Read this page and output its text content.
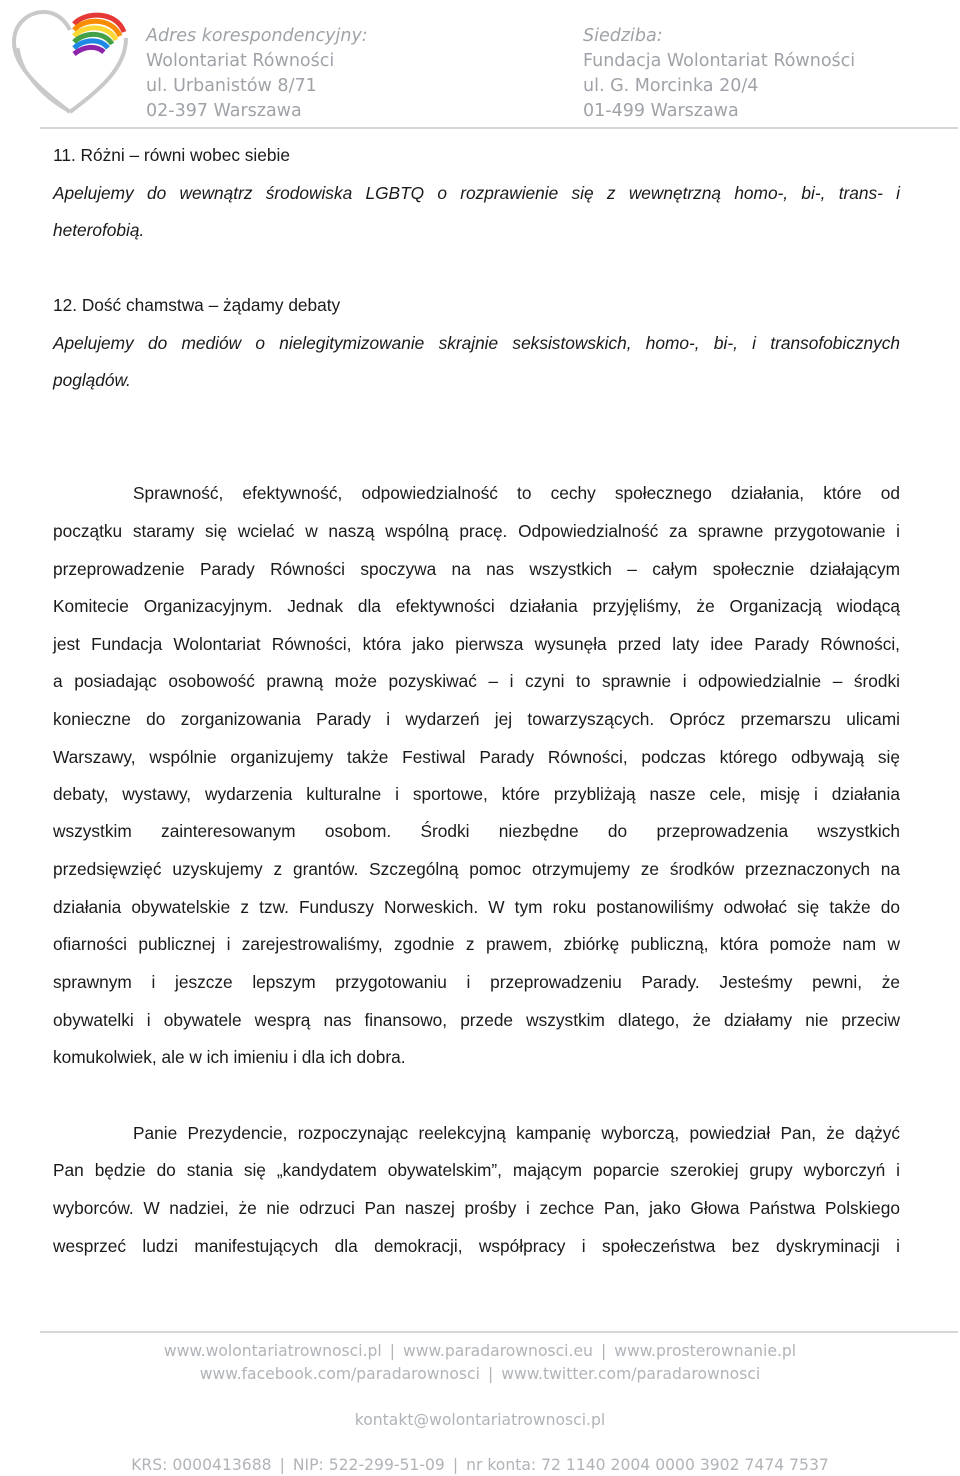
Adres korespondencyjny:
Wolontariat Równości
ul. Urbanistów 8/71
02-397 Warszawa
Siedziba:
Fundacja Wolontariat Równości
ul. G. Morcinka 20/4
01-499 Warszawa
11. Różni – równi wobec siebie
Apelujemy do wewnątrz środowiska LGBTQ o rozprawienie się z wewnętrzną homo-, bi-, trans- i
heterofobią.
12. Dość chamstwa – żądamy debaty
Apelujemy do mediów o nielegitymizowanie skrajnie seksistowskich, homo-, bi-, i transofobicznych
poglądów.
Sprawność, efektywność, odpowiedzialność to cechy społecznego działania, które od
początku staramy się wcielać w naszą wspólną pracę. Odpowiedzialność za sprawne przygotowanie i
przeprowadzenie Parady Równości spoczywa na nas wszystkich – całym społecznie działającym
Komitecie Organizacyjnym. Jednak dla efektywności działania przyjęliśmy, że Organizacją wiodącą
jest Fundacja Wolontariat Równości, która jako pierwsza wysunęła przed laty idee Parady Równości,
a posiadając osobowość prawną może pozyskiwać – i czyni to sprawnie i odpowiedzialnie – środki
konieczne do zorganizowania Parady i wydarzeń jej towarzyszących. Oprócz przemarszu ulicami
Warszawy, wspólnie organizujemy także Festiwal Parady Równości, podczas którego odbywają się
debaty, wystawy, wydarzenia kulturalne i sportowe, które przybliżają nasze cele, misję i działania
wszystkim zainteresowanym osobom. Środki niezbędne do przeprowadzenia wszystkich
przedsięwzięć uzyskujemy z grantów. Szczególną pomoc otrzymujemy ze środków przeznaczonych na
działania obywatelskie z tzw. Funduszy Norweskich. W tym roku postanowiliśmy odwołać się także do
ofiarności publicznej i zarejestrowaliśmy, zgodnie z prawem, zbiórkę publiczną, która pomoże nam w
sprawnym i jeszcze lepszym przygotowaniu i przeprowadzeniu Parady. Jesteśmy pewni, że
obywatelki i obywatele wesprą nas finansowo, przede wszystkim dlatego, że działamy nie przeciw
komukolwiek, ale w ich imieniu i dla ich dobra.
Panie Prezydencie, rozpoczynając reelekcyjną kampanię wyborczą, powiedział Pan, że dążyć
Pan będzie do stania się „kandydatem obywatelskim”, mającym poparcie szerokiej grupy wyborczyń i
wyborców. W nadziei, że nie odrzuci Pan naszej prośby i zechce Pan, jako Głowa Państwa Polskiego
wesprzeć ludzi manifestujących dla demokracji, współpracy i społeczeństwa bez dyskryminacji i
www.wolontariatrownosci.pl | www.paradarownosci.eu | www.prosterownanie.pl
www.facebook.com/paradarownosci | www.twitter.com/paradarownosci
kontakt@wolontariatrownosci.pl
KRS: 0000413688 | NIP: 522-299-51-09 | nr konta: 72 1140 2004 0000 3902 7474 7537
